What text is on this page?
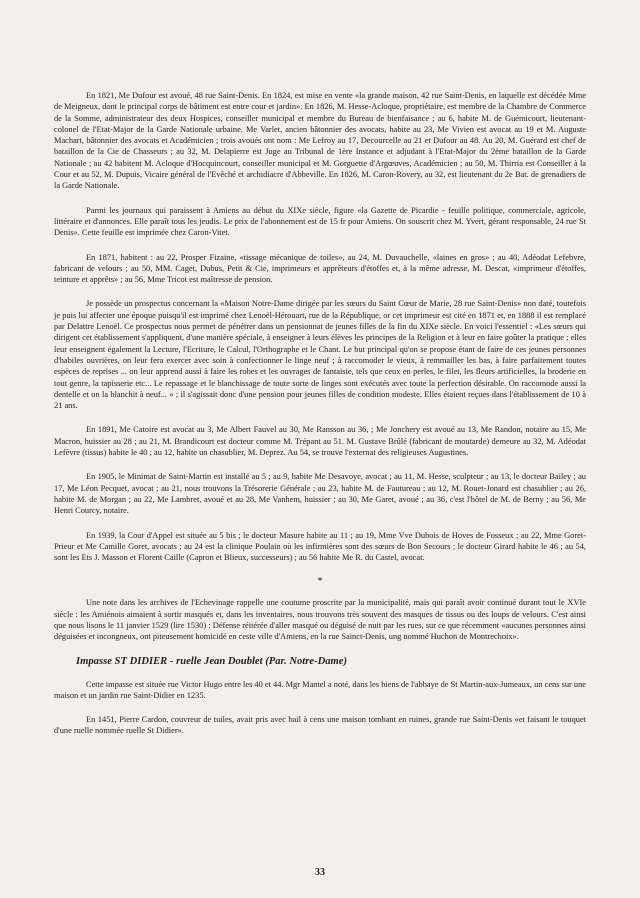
En 1821, Me Dufour est avoué, 48 rue Saint-Denis. En 1824, est mise en vente «la grande maison, 42 rue Saint-Denis, en laquelle est décédée Mme de Meigneux, dont le principal corps de bâtiment est entre cour et jardin». En 1826, M. Hesse-Acloque, propriétaire, est membre de la Chambre de Commerce de la Somme, administrateur des deux Hospices, conseiller municipal et membre du Bureau de bienfaisance ; au 6, habite M. de Guémicourt, lieutenant-colonel de l'Etat-Major de la Garde Nationale urbaine. Me Varlet, ancien bâtonnier des avocats, habite au 23, Me Vivien est avocat au 19 et M. Auguste Machart, bâtonnier des avocats et Académicien ; trois avoués ont nom : Me Lefroy au 17, Decourcelle au 21 et Dufour au 48. Au 20, M. Guérard est chef de bataillon de la Cie de Chasseurs ; au 32, M. Delapierre est Juge au Tribunal de 1ère Instance et adjudant à l'Etat-Major du 2ème bataillon de la Garde Nationale ; au 42 habitent M. Acloque d'Hocquincourt, conseiller municipal et M. Gorguette d'Argœuves, Académicien ; au 50, M. Thirria est Conseiller à la Cour et au 52, M. Dupuis, Vicaire général de l'Evêché et archidiacre d'Abbeville. En 1826, M. Caron-Rovery, au 32, est lieutenant du 2e Bat. de grenadiers de la Garde Nationale.

Parmi les journaux qui paraissent à Amiens au début du XIXe siècle, figure «la Gazette de Picardie - feuille politique, commerciale, agricole, littéraire et d'annonces. Elle paraît tous les jeudis. Le prix de l'abonnement est de 15 fr pour Amiens. On souscrit chez M. Yvert, gérant responsable, 24 rue St Denis». Cette feuille est imprimée chez Caron-Vitet.

En 1871, habitent : au 22, Prosper Fizaine, «tissage mécanique de toiles», au 24, M. Duvauchelle, «laines en gros» ; au 40, Adéodat Lefebvre, fabricant de velours ; au 50, MM. Caget, Dubus, Petit & Cie, imprimeurs et apprêteurs d'étoffes et, à la même adresse, M. Descat, «imprimeur d'étoffes, teinture et apprêts» ; au 56, Mme Tricot est maîtresse de pension.

Je possède un prospectus concernant la «Maison Notre-Dame dirigée par les sœurs du Saint Cœur de Marie, 28 rue Saint-Denis» non daté, toutefois je puis lui affecter une époque puisqu'il est imprimé chez Lenoël-Hérouart, rue de la République, or cet imprimeur est cité en 1871 et, en 1888 il est remplacé par Delattre Lenoël. Ce prospectus nous permet de pénétrer dans un pensionnat de jeunes filles de la fin du XIXe siècle. En voici l'essentiel : «Les sœurs qui dirigent cet établissement s'appliquent, d'une manière spéciale, à enseigner à leurs élèves les principes de la Religion et à leur en faire goûter la pratique ; elles leur enseignent également la Lecture, l'Ecriture, le Calcul, l'Orthographe et le Chant. Le but principal qu'on se propose étant de faire de ces jeunes personnes d'habiles ouvrières, on leur fera exercer avec soin à confectionner le linge neuf ; à raccomoder le vieux, à remmailler les bas, à faire parfaitement toutes espèces de reprises ... on leur apprend aussi à faire les robes et les ouvrages de fantaisie, tels que ceux en perles, le filet, les fleurs artificielles, la broderie en tout genre, la tapisserie etc... Le repassage et le blanchissage de toute sorte de linges sont exécutés avec toute la perfection désirable. On raccomode aussi la dentelle et on la blanchit à neuf... » ; il s'agissait donc d'une pension pour jeunes filles de condition modeste. Elles étaient reçues dans l'établissement de 10 à 21 ans.

En 1891, Me Catoire est avocat au 3, Me Albert Fauvel au 30, Me Ransson au 36, ; Me Jonchery est avoué au 13, Me Randon, notaire au 15, Me Macron, huissier au 28 ; au 21, M. Brandicourt est docteur comme M. Trépant au 51. M. Gustave Brûlé (fabricant de moutarde) demeure au 32, M. Adéodat Lefèvre (tissus) habite le 40 ; au 12, habite un chasublier, M. Deprez. Au 54, se trouve l'externat des religieuses Augustines.

En 1905, le Minimat de Saint-Martin est installé au 5 ; au 9, habite Me Desavoye, avocat ; au 11, M. Hesse, sculpteur ; au 13, le docteur Bailey ; au 17, Me Léon Pecquet, avocat ; au 21, nous trouvons la Trésorerie Générale ; au 23, habite M. de Fautureau ; au 12, M. Rouet-Jonard est chasublier ; au 26, habite M. de Morgan ; au 22, Me Lambret, avoué et au 28, Me Vanhem, huissier ; au 30, Me Garet, avoué ; au 36, c'est l'hôtel de M. de Berny ; au 56, Me Henri Courcy, notaire.

En 1939, la Cour d'Appel est située au 5 bis ; le docteur Masure habite au 11 ; au 19, Mme Vve Dubois de Hoves de Fosseux ; au 22, Mme Goret-Prieur et Me Camille Goret, avocats ; au 24 est la clinique Poulain où les infirmières sont des sœurs de Bon Secours ; le docteur Girard habite le 46 ; au 54, sont les Ets J. Masson et Florent Caille (Capron et Blieux, successeurs) ; au 56 habite Me R. du Castel, avocat.

*

Une note dans les archives de l'Echevinage rappelle une coutume proscrite par la municipalité, mais qui paraît avoir continué durant tout le XVIe siècle : les Amiénois aimaient à sortir masqués et, dans les inventaires, nous trouvons très souvent des masques de tissus ou des loups de velours. C'est ainsi que nous lisons le 11 janvier 1529 (lire 1530) : Défense réitérée d'aller masqué ou déguisé de nuit par les rues, sur ce que récemment «aucunes personnes ainsi déguisées et incongneux, ont piteusement homicidé en ceste ville d'Amiens, en la rue Sainct-Denis, ung nommé Huchon de Montrechoix».

Impasse ST DIDIER - ruelle Jean Doublet (Par. Notre-Dame)

Cette impasse est située rue Victor Hugo entre les 40 et 44. Mgr Mantel a noté, dans les biens de l'abbaye de St Martin-aux-Jumeaux, un cens sur une maison et un jardin rue Saint-Didier en 1235.

En 1451, Pierre Cardon, couvreur de tuiles, avait pris avec bail à cens une maison tombant en ruines, grande rue Saint-Denis «et faisant le touquet d'une ruelle nommée ruelle St Didier».

33
